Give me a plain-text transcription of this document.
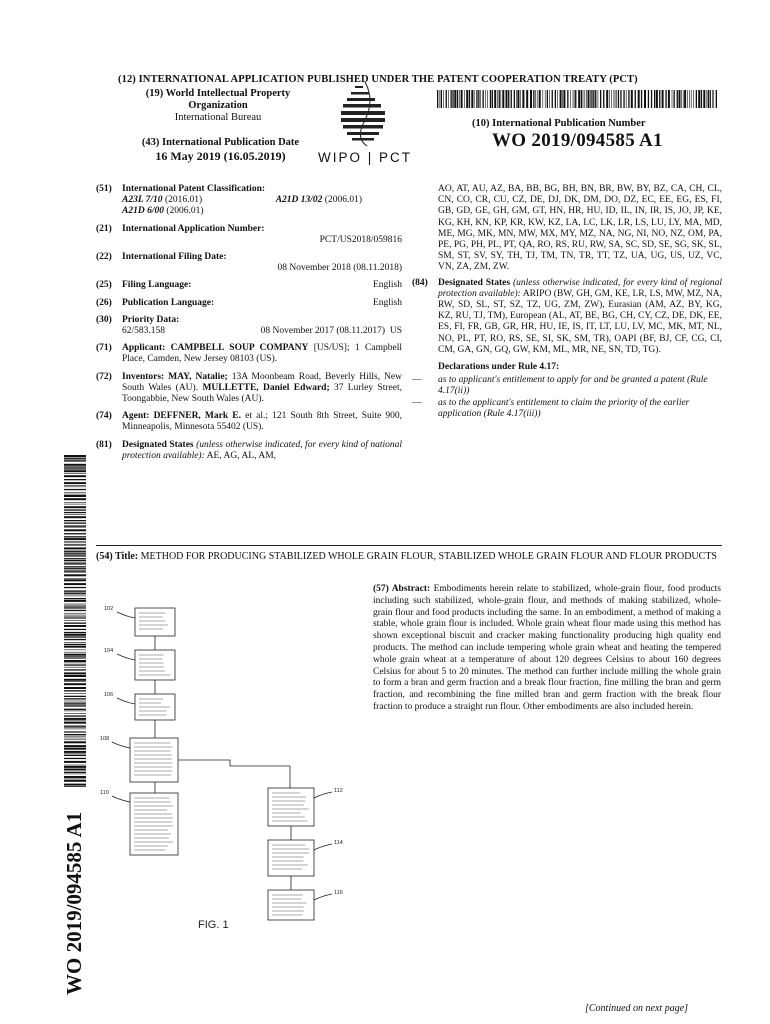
(12) INTERNATIONAL APPLICATION PUBLISHED UNDER THE PATENT COOPERATION TREATY (PCT)
(19) World Intellectual Property
Organization
International Bureau
(43) International Publication Date
16 May 2019 (16.05.2019)	WIPO | PCT
(10) International Publication Number
WO 2019/094585 A1
(51)	International Patent Classification:
A23L 7/10 (2016.01)	A21D 13/02 (2006.01)
A21D 6/00 (2006.01)
(21)	International Application Number:
PCT/US2018/059816
(22)	International Filing Date:
08 November 2018 (08.11.2018)
(25)	Filing Language:	English
(26)	Publication Language:	English
(30)	Priority Data:
62/583.158	08 November 2017 (08.11.2017) US
(71)	Applicant: CAMPBELL SOUP COMPANY [US/US]; 1 Campbell Place, Camden, New Jersey 08103 (US).
(72)	Inventors: MAY, Natalie; 13A Moonbeam Road, Beverly Hills, New South Wales (AU). MULLETTE, Daniel Edward; 37 Lurley Street, Toongabbie, New South Wales (AU).
(74)	Agent: DEFFNER, Mark E. et al.; 121 South 8th Street, Suite 900, Minneapolis, Minnesota 55402 (US).
(81)	Designated States (unless otherwise indicated, for every kind of national protection available): AE, AG, AL, AM,
AO, AT, AU, AZ, BA, BB, BG, BH, BN, BR, BW, BY, BZ, CA, CH, CL, CN, CO, CR, CU, CZ, DE, DJ, DK, DM, DO, DZ, EC, EE, EG, ES, FI, GB, GD, GE, GH, GM, GT, HN, HR, HU, ID, IL, IN, IR, IS, JO, JP, KE, KG, KH, KN, KP, KR, KW, KZ, LA, LC, LK, LR, LS, LU, LY, MA, MD, ME, MG, MK, MN, MW, MX, MY, MZ, NA, NG, NI, NO, NZ, OM, PA, PE, PG, PH, PL, PT, QA, RO, RS, RU, RW, SA, SC, SD, SE, SG, SK, SL, SM, ST, SV, SY, TH, TJ, TM, TN, TR, TT, TZ, UA, UG, US, UZ, VC, VN, ZA, ZM, ZW.
(84)	Designated States (unless otherwise indicated, for every kind of regional protection available): ARIPO (BW, GH, GM, KE, LR, LS, MW, MZ, NA, RW, SD, SL, ST, SZ, TZ, UG, ZM, ZW), Eurasian (AM, AZ, BY, KG, KZ, RU, TJ, TM), European (AL, AT, BE, BG, CH, CY, CZ, DE, DK, EE, ES, FI, FR, GB, GR, HR, HU, IE, IS, IT, LT, LU, LV, MC, MK, MT, NL, NO, PL, PT, RO, RS, SE, SI, SK, SM, TR), OAPI (BF, BJ, CF, CG, CI, CM, GA, GN, GQ, GW, KM, ML, MR, NE, SN, TD, TG).
Declarations under Rule 4.17:
—	as to applicant's entitlement to apply for and be granted a patent (Rule 4.17(ii))
—	as to the applicant's entitlement to claim the priority of the earlier application (Rule 4.17(iii))
(54) Title: METHOD FOR PRODUCING STABILIZED WHOLE GRAIN FLOUR, STABILIZED WHOLE GRAIN FLOUR AND FLOUR PRODUCTS
(57) Abstract: Embodiments herein relate to stabilized, whole-grain flour, food products including such stabilized, whole-grain flour, and methods of making stabilized, whole-grain flour and food products including the same. In an embodiment, a method of making a stable, whole grain flour is included. Whole grain wheat flour made using this method has shown exceptional biscuit and cracker making functionality producing high quality end products. The method can include tempering whole grain wheat and heating the tempered whole grain wheat at a temperature of about 120 degrees Celsius to about 160 degrees Celsius for about 5 to 20 minutes. The method can further include milling the whole grain to form a bran and germ fraction and a break flour fraction, fine milling the bran and germ fraction, and recombining the fine milled bran and germ fraction with the break flour fraction to produce a straight run flour. Other embodiments are also included herein.
102
104
106
108
110	112
114
116
FIG. 1
WO 2019/094585 A1
[Continued on next page]
